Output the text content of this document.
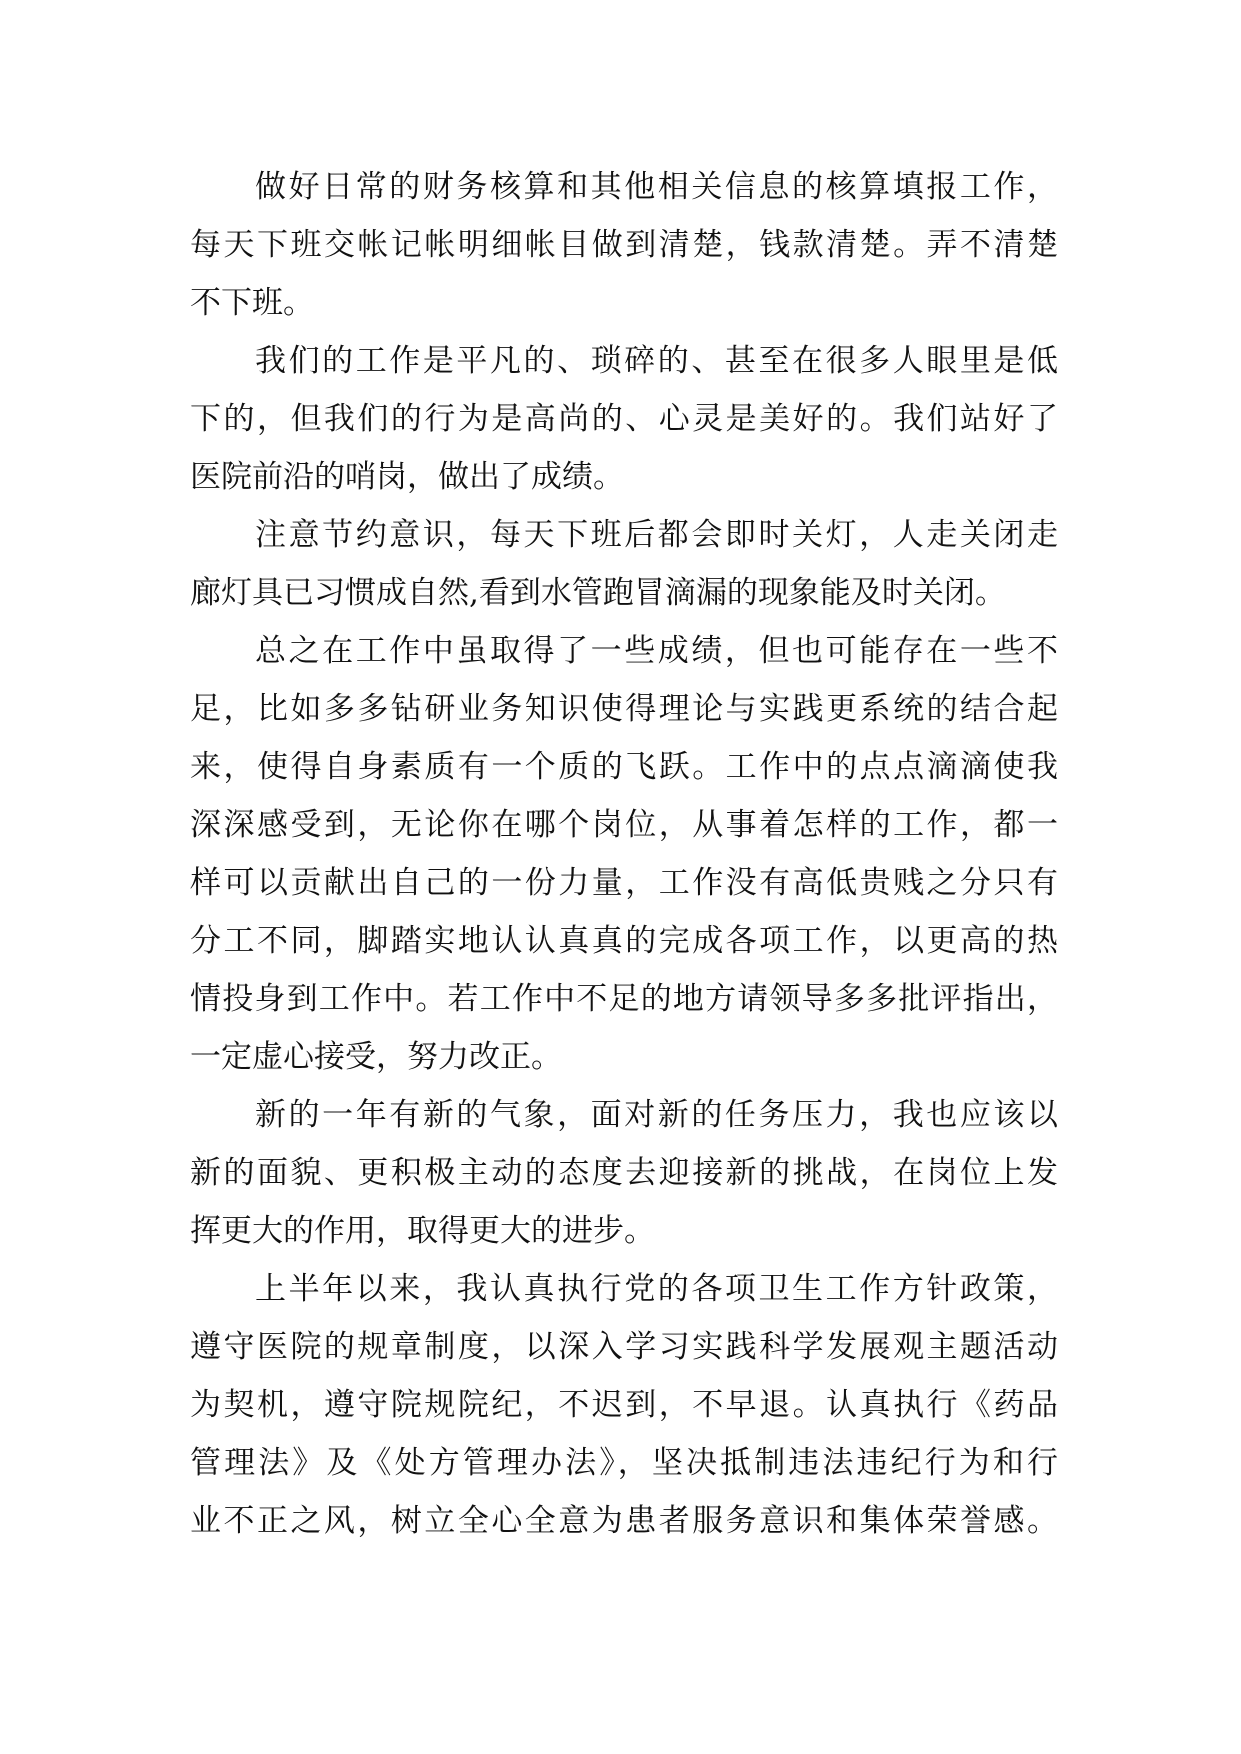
做好日常的财务核算和其他相关信息的核算填报工作，
每天下班交帐记帐明细帐目做到清楚，钱款清楚。弄不清楚
不下班。
我们的工作是平凡的、琐碎的、甚至在很多人眼里是低
下的，但我们的行为是高尚的、心灵是美好的。我们站好了
医院前沿的哨岗，做出了成绩。
注意节约意识，每天下班后都会即时关灯，人走关闭走
廊灯具已习惯成自然,看到水管跑冒滴漏的现象能及时关闭。
总之在工作中虽取得了一些成绩，但也可能存在一些不
足，比如多多钻研业务知识使得理论与实践更系统的结合起
来，使得自身素质有一个质的飞跃。工作中的点点滴滴使我
深深感受到，无论你在哪个岗位，从事着怎样的工作，都一
样可以贡献出自己的一份力量，工作没有高低贵贱之分只有
分工不同，脚踏实地认认真真的完成各项工作，以更高的热
情投身到工作中。若工作中不足的地方请领导多多批评指出，
一定虚心接受，努力改正。
新的一年有新的气象，面对新的任务压力，我也应该以
新的面貌、更积极主动的态度去迎接新的挑战，在岗位上发
挥更大的作用，取得更大的进步。
上半年以来，我认真执行党的各项卫生工作方针政策，
遵守医院的规章制度，以深入学习实践科学发展观主题活动
为契机，遵守院规院纪，不迟到，不早退。认真执行《药品
管理法》及《处方管理办法》，坚决抵制违法违纪行为和行
业不正之风，树立全心全意为患者服务意识和集体荣誉感。
